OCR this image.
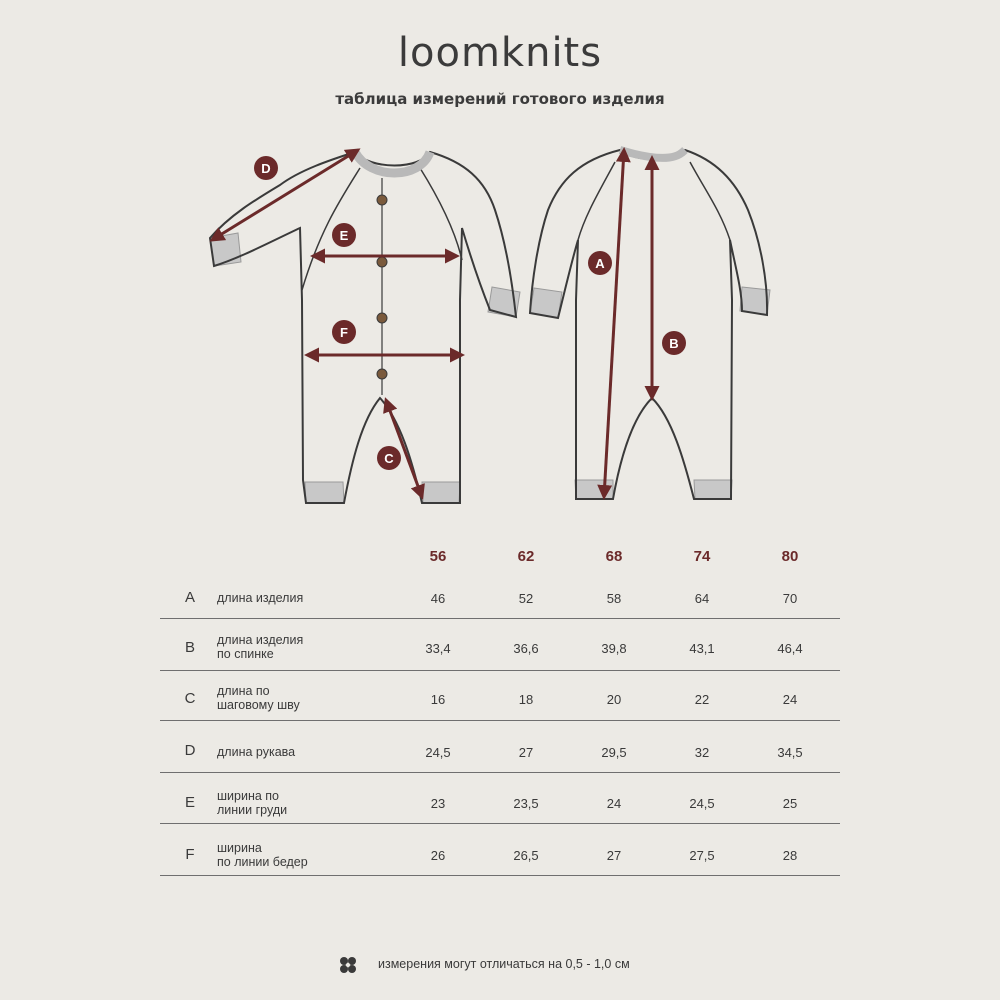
loomknits
таблица измерений готового изделия
D
E
F
C
A
B
56	62	68	74	80
A	длина изделия	46	52	58	64	70
B	длина изделия
по спинке	33,4	36,6	39,8	43,1	46,4
C	длина по
шаговому шву	16	18	20	22	24
D	длина рукава	24,5	27	29,5	32	34,5
E	ширина по
линии груди	23	23,5	24	24,5	25
F	ширина
по линии бедер	26	26,5	27	27,5	28
измерения могут отличаться на 0,5 - 1,0 см
